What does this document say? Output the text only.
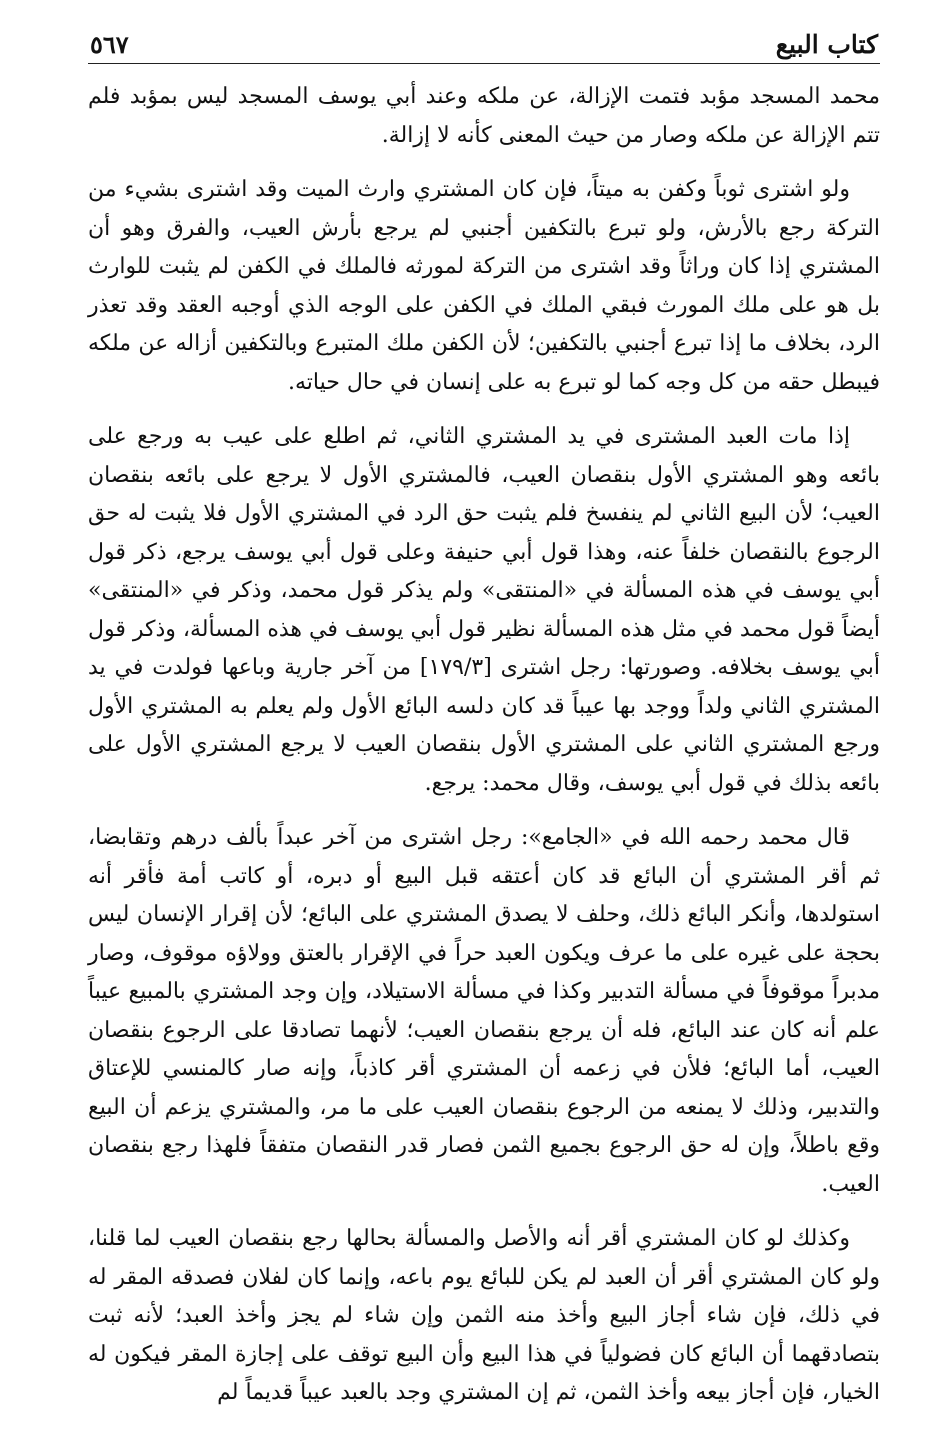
كتاب البيع
٥٦٧

محمد المسجد مؤبد فتمت الإزالة، عن ملكه وعند أبي يوسف المسجد ليس بمؤبد فلم تتم الإزالة عن ملكه وصار من حيث المعنى كأنه لا إزالة.

ولو اشترى ثوباً وكفن به ميتاً، فإن كان المشتري وارث الميت وقد اشترى بشيء من التركة رجع بالأرش، ولو تبرع بالتكفين أجنبي لم يرجع بأرش العيب، والفرق وهو أن المشتري إذا كان وراثاً وقد اشترى من التركة لمورثه فالملك في الكفن لم يثبت للوارث بل هو على ملك المورث فبقي الملك في الكفن على الوجه الذي أوجبه العقد وقد تعذر الرد، بخلاف ما إذا تبرع أجنبي بالتكفين؛ لأن الكفن ملك المتبرع وبالتكفين أزاله عن ملكه فيبطل حقه من كل وجه كما لو تبرع به على إنسان في حال حياته.

إذا مات العبد المشترى في يد المشتري الثاني، ثم اطلع على عيب به ورجع على بائعه وهو المشتري الأول بنقصان العيب، فالمشتري الأول لا يرجع على بائعه بنقصان العيب؛ لأن البيع الثاني لم ينفسخ فلم يثبت حق الرد في المشتري الأول فلا يثبت له حق الرجوع بالنقصان خلفاً عنه، وهذا قول أبي حنيفة وعلى قول أبي يوسف يرجع، ذكر قول أبي يوسف في هذه المسألة في «المنتقى» ولم يذكر قول محمد، وذكر في «المنتقى» أيضاً قول محمد في مثل هذه المسألة نظير قول أبي يوسف في هذه المسألة، وذكر قول أبي يوسف بخلافه. وصورتها: رجل اشترى [١٧٩/٣] من آخر جارية وباعها فولدت في يد المشتري الثاني ولداً ووجد بها عيباً قد كان دلسه البائع الأول ولم يعلم به المشتري الأول ورجع المشتري الثاني على المشتري الأول بنقصان العيب لا يرجع المشتري الأول على بائعه بذلك في قول أبي يوسف، وقال محمد: يرجع.

قال محمد رحمه الله في «الجامع»: رجل اشترى من آخر عبداً بألف درهم وتقابضا، ثم أقر المشتري أن البائع قد كان أعتقه قبل البيع أو دبره، أو كاتب أمة فأقر أنه استولدها، وأنكر البائع ذلك، وحلف لا يصدق المشتري على البائع؛ لأن إقرار الإنسان ليس بحجة على غيره على ما عرف ويكون العبد حراً في الإقرار بالعتق وولاؤه موقوف، وصار مدبراً موقوفاً في مسألة التدبير وكذا في مسألة الاستيلاد، وإن وجد المشتري بالمبيع عيباً علم أنه كان عند البائع، فله أن يرجع بنقصان العيب؛ لأنهما تصادقا على الرجوع بنقصان العيب، أما البائع؛ فلأن في زعمه أن المشتري أقر كاذباً، وإنه صار كالمنسي للإعتاق والتدبير، وذلك لا يمنعه من الرجوع بنقصان العيب على ما مر، والمشتري يزعم أن البيع وقع باطلاً، وإن له حق الرجوع بجميع الثمن فصار قدر النقصان متفقاً فلهذا رجع بنقصان العيب.

وكذلك لو كان المشتري أقر أنه والأصل والمسألة بحالها رجع بنقصان العيب لما قلنا، ولو كان المشتري أقر أن العبد لم يكن للبائع يوم باعه، وإنما كان لفلان فصدقه المقر له في ذلك، فإن شاء أجاز البيع وأخذ منه الثمن وإن شاء لم يجز وأخذ العبد؛ لأنه ثبت بتصادقهما أن البائع كان فضولياً في هذا البيع وأن البيع توقف على إجازة المقر فيكون له الخيار، فإن أجاز بيعه وأخذ الثمن، ثم إن المشتري وجد بالعبد عيباً قديماً لم
